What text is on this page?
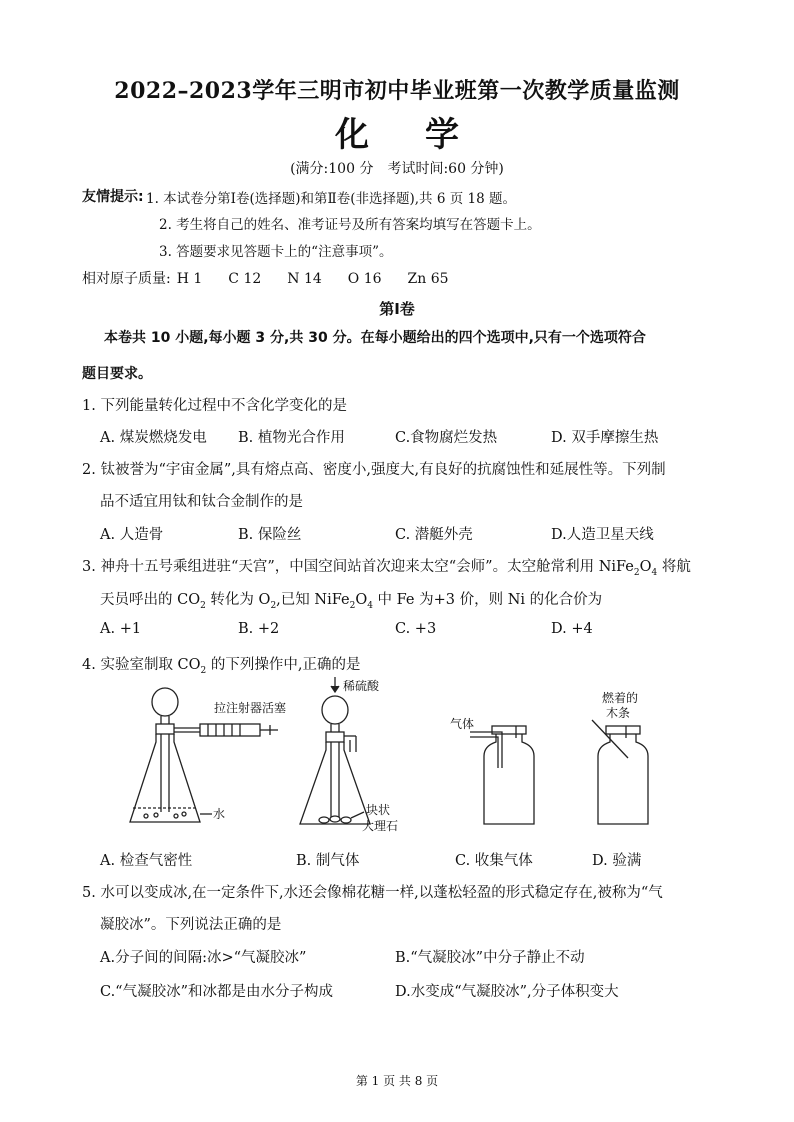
2022–2023学年三明市初中毕业班第一次教学质量监测
化 学
(满分:100 分　考试时间:60 分钟)
友情提示: 1. 本试卷分第Ⅰ卷(选择题)和第Ⅱ卷(非选择题),共 6 页 18 题。
2. 考生将自己的姓名、准考证号及所有答案均填写在答题卡上。
3. 答题要求见答题卡上的“注意事项”。
相对原子质量: H 1 C 12 N 14 O 16 Zn 65
第Ⅰ卷
本卷共 10 小题,每小题 3 分,共 30 分。在每小题给出的四个选项中,只有一个选项符合
题目要求。
1. 下列能量转化过程中不含化学变化的是
A. 煤炭燃烧发电 B. 植物光合作用	C.食物腐烂发热	D. 双手摩擦生热
2. 钛被誉为“宇宙金属”,具有熔点高、密度小,强度大,有良好的抗腐蚀性和延展性等。下列制
品不适宜用钛和钛合金制作的是
A. 人造骨	B. 保险丝	C. 潜艇外壳	D.人造卫星天线
3. 神舟十五号乘组进驻“天宫”，中国空间站首次迎来太空“会师”。太空舱常利用 $NiFe_2O_4$ 将航
天员呼出的 $CO_2$ 转化为 $O_2$,已知 $NiFe_2O_4$ 中 Fe 为+3 价，则 Ni 的化合价为
A. +1	B. +2	C. +3	D. +4
4. 实验室制取 $CO_2$ 的下列操作中,正确的是
拉注射器活塞
水
稀硫酸
块状
大理石
气体
燃着的
木条
A. 检查气密性	B. 制气体	C. 收集气体	D. 验满
5. 水可以变成冰,在一定条件下,水还会像棉花糖一样,以蓬松轻盈的形式稳定存在,被称为“气
凝胶冰”。下列说法正确的是
A.分子间的间隔:冰>“气凝胶冰”	B.“气凝胶冰”中分子静止不动
C.“气凝胶冰”和冰都是由水分子构成	D.水变成“气凝胶冰”,分子体积变大
第 1 页 共 8 页
